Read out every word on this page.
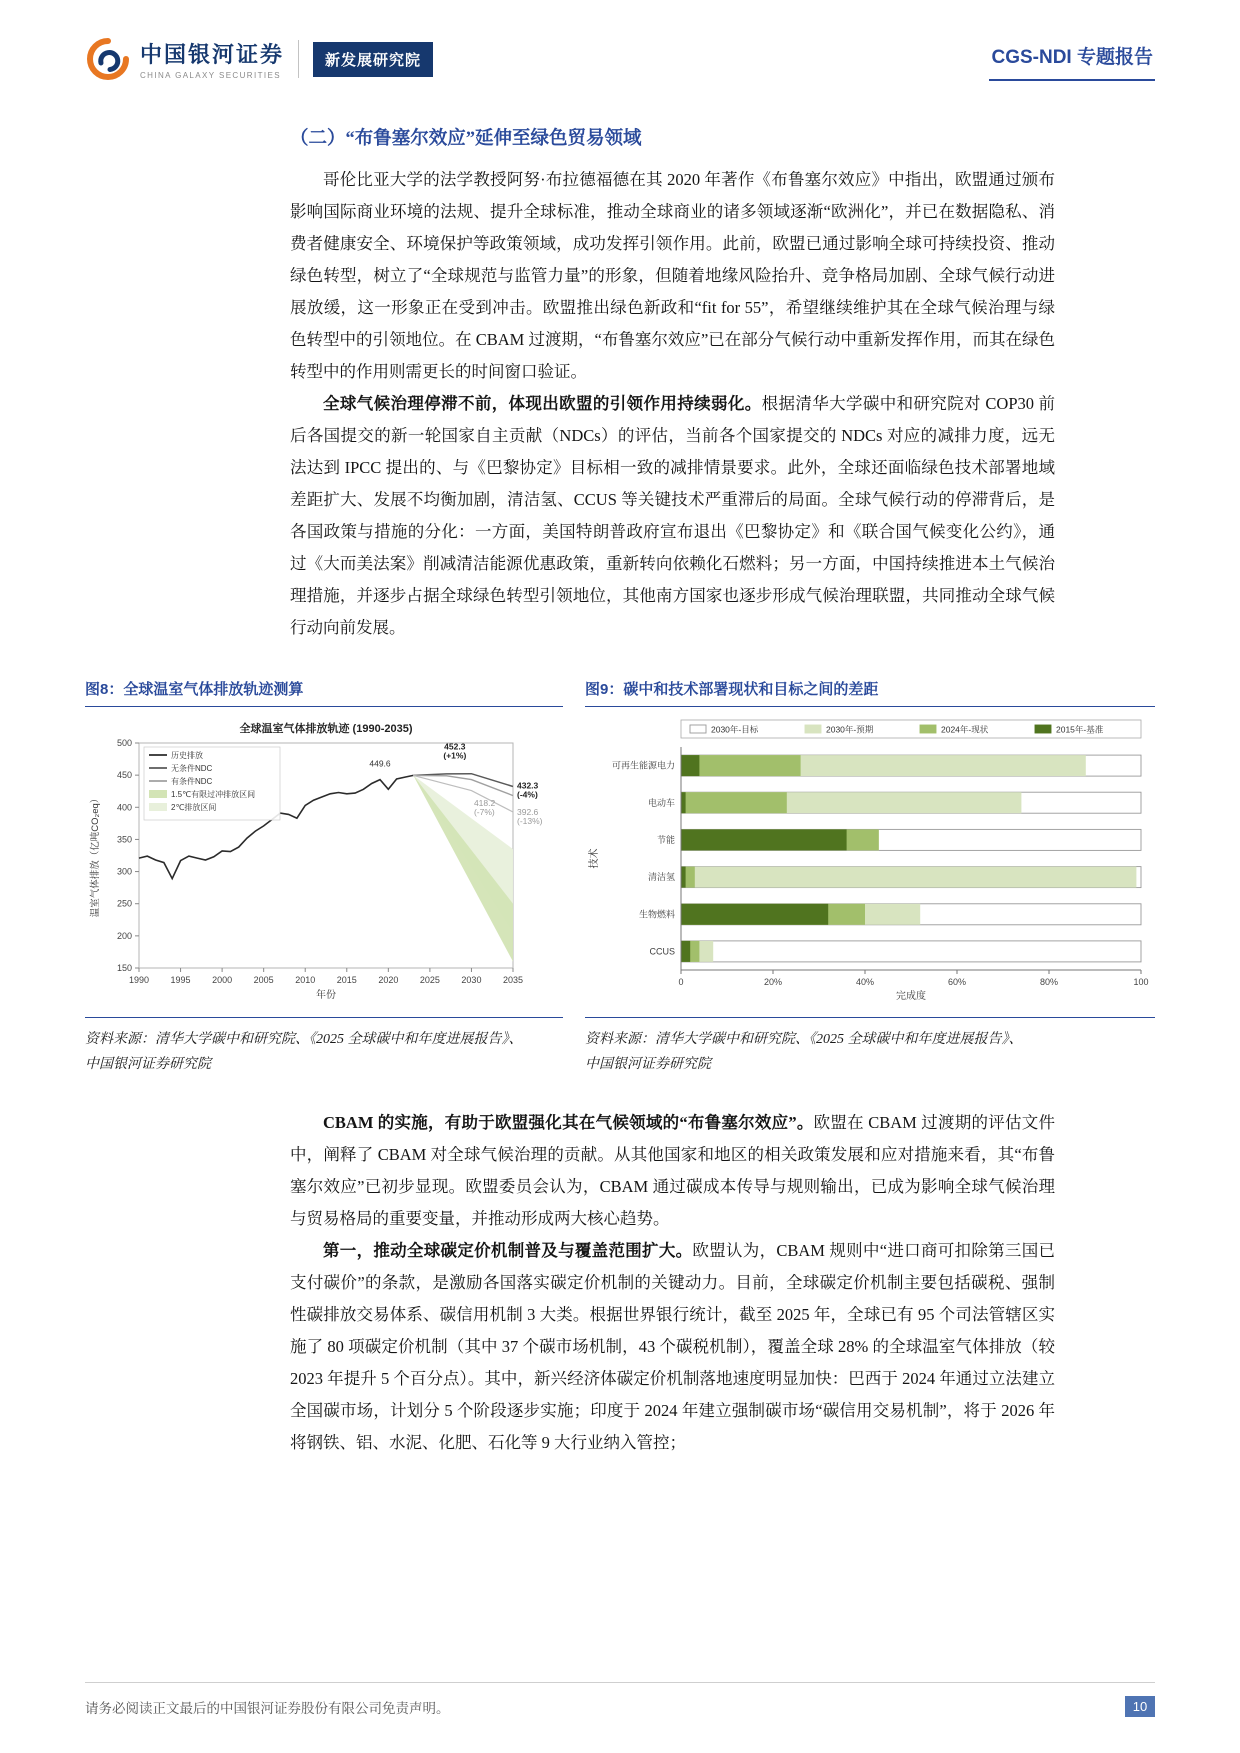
中国银河证券
CHINA GALAXY SECURITIES
新发展研究院	CGS-NDI 专题报告
（二）“布鲁塞尔效应”延伸至绿色贸易领域

哥伦比亚大学的法学教授阿努·布拉德福德在其 2020 年著作《布鲁塞尔效应》中指出，欧盟通过颁布影响国际商业环境的法规、提升全球标准，推动全球商业的诸多领域逐渐“欧洲化”，并已在数据隐私、消费者健康安全、环境保护等政策领域，成功发挥引领作用。此前，欧盟已通过影响全球可持续投资、推动绿色转型，树立了“全球规范与监管力量”的形象，但随着地缘风险抬升、竞争格局加剧、全球气候行动进展放缓，这一形象正在受到冲击。欧盟推出绿色新政和“fit for 55”，希望继续维护其在全球气候治理与绿色转型中的引领地位。在 CBAM 过渡期，“布鲁塞尔效应”已在部分气候行动中重新发挥作用，而其在绿色转型中的作用则需更长的时间窗口验证。

全球气候治理停滞不前，体现出欧盟的引领作用持续弱化。根据清华大学碳中和研究院对 COP30 前后各国提交的新一轮国家自主贡献（NDCs）的评估，当前各个国家提交的 NDCs 对应的减排力度，远无法达到 IPCC 提出的、与《巴黎协定》目标相一致的减排情景要求。此外，全球还面临绿色技术部署地域差距扩大、发展不均衡加剧，清洁氢、CCUS 等关键技术严重滞后的局面。全球气候行动的停滞背后，是各国政策与措施的分化：一方面，美国特朗普政府宣布退出《巴黎协定》和《联合国气候变化公约》，通过《大而美法案》削减清洁能源优惠政策，重新转向依赖化石燃料；另一方面，中国持续推进本土气候治理措施，并逐步占据全球绿色转型引领地位，其他南方国家也逐步形成气候治理联盟，共同推动全球气候行动向前发展。

图8：全球温室气体排放轨迹测算
150
200
250
300
350
400
450
500
1990 1995 2000 2005 2010 2015 2020 2025 2030 2035
年份
温室气体排放（亿吨CO₂eq）
全球温室气体排放轨迹 (1990-2035)
历史排放
无条件NDC
有条件NDC
1.5℃有限过冲排放区间
2℃排放区间
449.6
452.3
(+1%)
432.3
(-4%)
418.2
(-7%)	392.6
(-13%)
资料来源：清华大学碳中和研究院、《2025 全球碳中和年度进展报告》、
中国银河证券研究院
图9：碳中和技术部署现状和目标之间的差距
2030年-目标	2030年-预期	2024年-现状	2015年-基准
可再生能源电力
电动车
节能
清洁氢
生物燃料
CCUS
0	20%	40%	60%	80%	100
完成度
技术
资料来源：清华大学碳中和研究院、《2025 全球碳中和年度进展报告》、
中国银河证券研究院

CBAM 的实施，有助于欧盟强化其在气候领域的“布鲁塞尔效应”。欧盟在 CBAM 过渡期的评估文件中，阐释了 CBAM 对全球气候治理的贡献。从其他国家和地区的相关政策发展和应对措施来看，其“布鲁塞尔效应”已初步显现。欧盟委员会认为，CBAM 通过碳成本传导与规则输出，已成为影响全球气候治理与贸易格局的重要变量，并推动形成两大核心趋势。

第一，推动全球碳定价机制普及与覆盖范围扩大。欧盟认为，CBAM 规则中“进口商可扣除第三国已支付碳价”的条款，是激励各国落实碳定价机制的关键动力。目前，全球碳定价机制主要包括碳税、强制性碳排放交易体系、碳信用机制 3 大类。根据世界银行统计，截至 2025 年，全球已有 95 个司法管辖区实施了 80 项碳定价机制（其中 37 个碳市场机制，43 个碳税机制），覆盖全球 28% 的全球温室气体排放（较 2023 年提升 5 个百分点）。其中，新兴经济体碳定价机制落地速度明显加快：巴西于 2024 年通过立法建立全国碳市场，计划分 5 个阶段逐步实施；印度于 2024 年建立强制碳市场“碳信用交易机制”，将于 2026 年将钢铁、铝、水泥、化肥、石化等 9 大行业纳入管控；

请务必阅读正文最后的中国银河证券股份有限公司免责声明。	10
